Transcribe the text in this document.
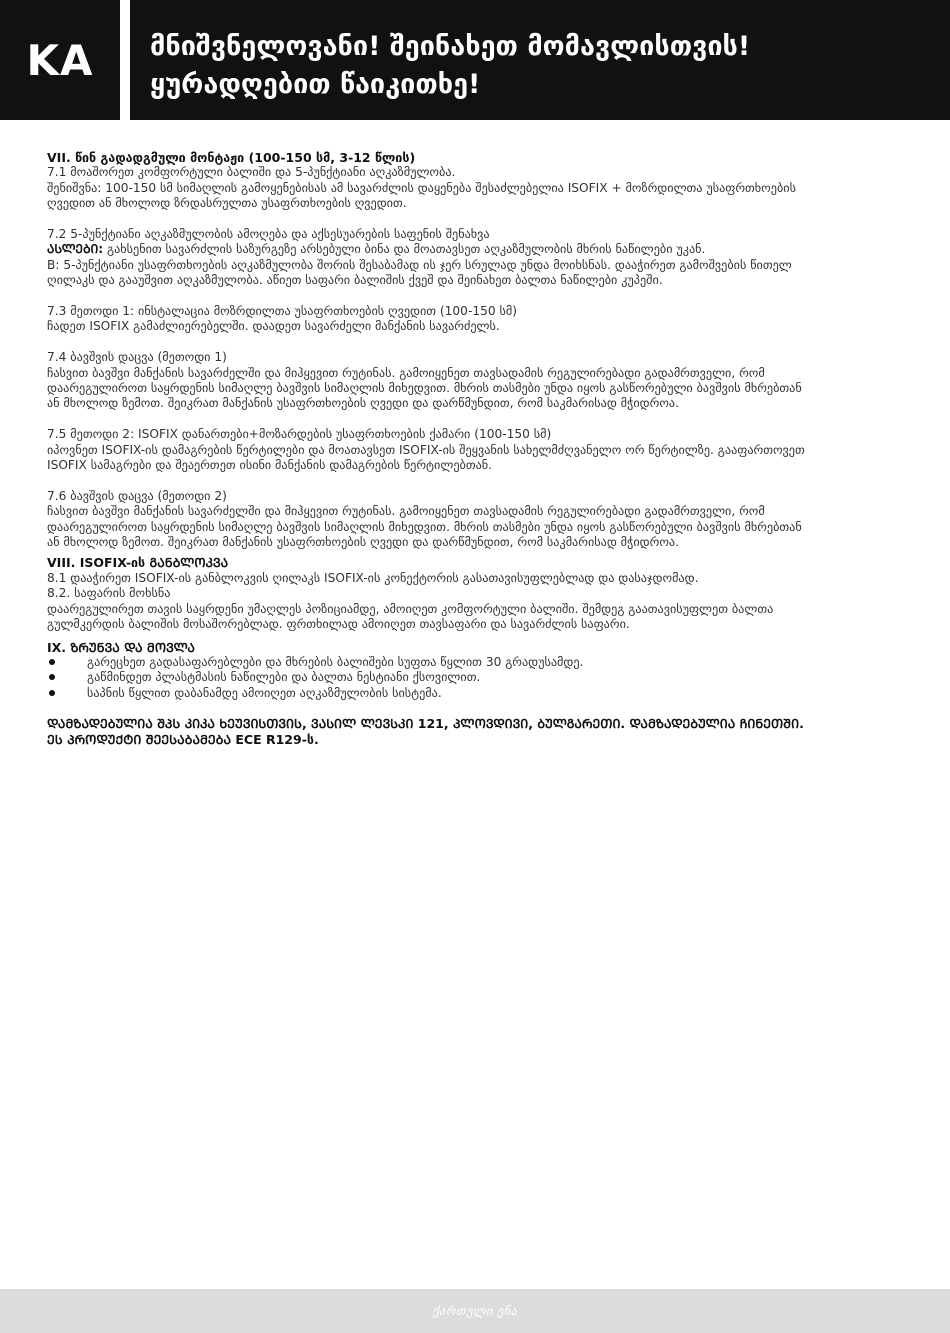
KA	მნიშვნელოვანი! შეინახეთ მომავლისთვის!
ყურადღებით წაიკითხე!
VII. წინ გადადგმული მონტაჟი (100-150 სმ, 3-12 წლის)
7.1 მოაშორეთ კომფორტული ბალიში და 5-პუნქტიანი აღკაზმულობა.
შენიშვნა: 100-150 სმ სიმაღლის გამოყენებისას ამ სავარძლის დაყენება შესაძლებელია ISOFIX + მოზრდილთა უსაფრთხოების
ღვედით ან მხოლოდ ზრდასრულთა უსაფრთხოების ღვედით.
7.2 5-პუნქტიანი აღკაზმულობის ამოღება და აქსესუარების საფენის შენახვა
ᲐᲡᲚᲔᲑᲘ: გახსენით სავარძლის საზურგეზე არსებული ბინა და მოათავსეთ აღკაზმულობის მხრის ნაწილები უკან.
B: 5-პუნქტიანი უსაფრთხოების აღკაზმულობა შორის შესაბამად ის ჯერ სრულად უნდა მოიხსნას. დააჭირეთ გამოშვების წითელ
ღილაკს და გააუშვით აღკაზმულობა. აწიეთ საფარი ბალიშის ქვეშ და შეინახეთ ბალთა ნაწილები კუპეში.
7.3 მეთოდი 1: ინსტალაცია მოზრდილთა უსაფრთხოების ღვედით (100-150 სმ)
ჩადეთ ISOFIX გამაძლიერებელში. დაადეთ სავარძელი მანქანის სავარძელს.
7.4 ბავშვის დაცვა (მეთოდი 1)
ჩასვით ბავშვი მანქანის სავარძელში და მიჰყევით რუტინას. გამოიყენეთ თავსადამის რეგულირებადი გადამრთველი, რომ
დაარეგულიროთ საყრდენის სიმაღლე ბავშვის სიმაღლის მიხედვით. მხრის თასმები უნდა იყოს გასწორებული ბავშვის მხრებთან
ან მხოლოდ ზემოთ. შეიკრათ მანქანის უსაფრთხოების ღვედი და დარწმუნდით, რომ საკმარისად მჭიდროა.
7.5 მეთოდი 2: ISOFIX დანართები+მოზარდების უსაფრთხოების ქამარი (100-150 სმ)
იპოვნეთ ISOFIX-ის დამაგრების წერტილები და მოათავსეთ ISOFIX-ის შეყვანის სახელმძღვანელო ორ წერტილზე. გააფართოვეთ
ISOFIX სამაგრები და შეაერთეთ ისინი მანქანის დამაგრების წერტილებთან.
7.6 ბავშვის დაცვა (მეთოდი 2)
ჩასვით ბავშვი მანქანის სავარძელში და მიჰყევით რუტინას. გამოიყენეთ თავსადამის რეგულირებადი გადამრთველი, რომ
დაარეგულიროთ საყრდენის სიმაღლე ბავშვის სიმაღლის მიხედვით. მხრის თასმები უნდა იყოს გასწორებული ბავშვის მხრებთან
ან მხოლოდ ზემოთ. შეიკრათ მანქანის უსაფრთხოების ღვედი და დარწმუნდით, რომ საკმარისად მჭიდროა.
VIII. ISOFIX-ის ᲒᲐᲜᲑᲚᲝᲙᲕᲐ
8.1 დააჭირეთ ISOFIX-ის განბლოკვის ღილაკს ISOFIX-ის კონექტორის გასათავისუფლებლად და დასაჯდომად.
8.2. საფარის მოხსნა
დაარეგულირეთ თავის საყრდენი უმაღლეს პოზიციამდე, ამოიღეთ კომფორტული ბალიში. შემდეგ გაათავისუფლეთ ბალთა
გულმკერდის ბალიშის მოსაშორებლად. ფრთხილად ამოიღეთ თავსაფარი და სავარძლის საფარი.
IX. ᲖᲠᲣᲜᲕᲐ ᲓᲐ ᲛᲝᲕᲚᲐ
გარეცხეთ გადასაფარებლები და მხრების ბალიშები სუფთა წყლით 30 გრადუსამდე.
გაწმინდეთ პლასტმასის ნაწილები და ბალთა ნესტიანი ქსოვილით.
საპნის წყლით დაბანამდე ამოიღეთ აღკაზმულობის სისტემა.
ᲓᲐᲛᲖᲐᲓᲔᲑᲣᲚᲘᲐ ᲨᲞᲡ ᲙᲘᲙᲐ ᲮᲔᲣᲕᲘᲡᲗᲕᲘᲡ, ᲕᲐᲡᲘᲚ ᲚᲔᲕᲡᲙᲘ 121, ᲞᲚᲝᲕᲓᲘᲕᲘ, ᲑᲣᲚᲒᲐᲠᲔᲗᲘ. ᲓᲐᲛᲖᲐᲓᲔᲑᲣᲚᲘᲐ ᲩᲘᲜᲔᲗᲨᲘ.
ᲔᲡ ᲞᲠᲝᲓᲣᲥᲢᲘ ᲨᲔᲔᲡᲐᲑᲐᲛᲔᲑᲐ ECE R129-ს.
ქართული ენა
